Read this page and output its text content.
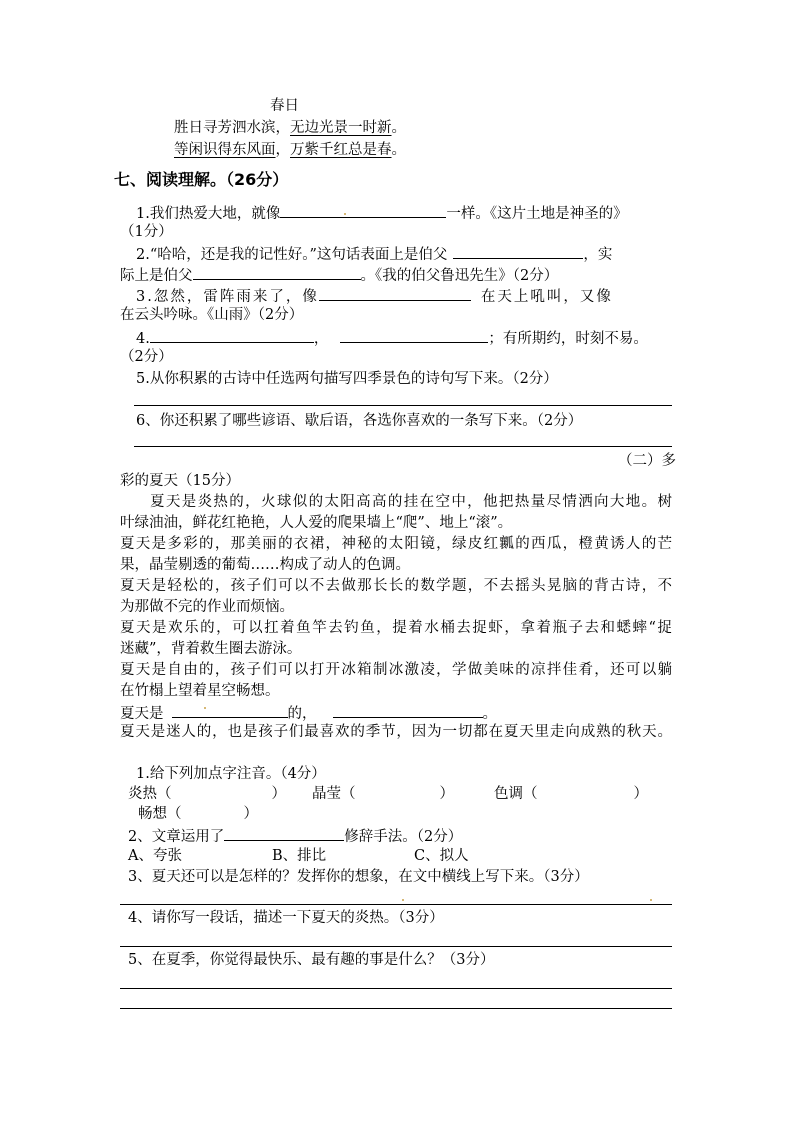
春日
胜日寻芳泗水滨，无边光景一时新。
等闲识得东风面，万紫千红总是春。
七、阅读理解。（26分）
1.我们热爱大地，就像	一样。《这片土地是神圣的》
（1分）
2.“哈哈，还是我的记性好。”这句话表面上是伯父	，实
际上是伯父	。《我的伯父鲁迅先生》（2分）
3.忽然，雷阵雨来了，像	在天上吼叫，又像
在云头吟咏。《山雨》（2分）
4.	，	；有所期约，时刻不易。
（2分）
5.从你积累的古诗中任选两句描写四季景色的诗句写下来。（2分）
6、你还积累了哪些谚语、歇后语，各选你喜欢的一条写下来。（2分）
（二）多
彩的夏天（15分）
夏天是炎热的，火球似的太阳高高的挂在空中，他把热量尽情洒向大地。树
叶绿油油，鲜花红艳艳，人人爱的爬果墙上“爬”、地上“滚”。
夏天是多彩的，那美丽的衣裙，神秘的太阳镜，绿皮红瓤的西瓜，橙黄诱人的芒
果，晶莹剔透的葡萄……构成了动人的色调。
夏天是轻松的，孩子们可以不去做那长长的数学题，不去摇头晃脑的背古诗，不
为那做不完的作业而烦恼。
夏天是欢乐的，可以扛着鱼竿去钓鱼，提着水桶去捉虾，拿着瓶子去和蟋蟀“捉
迷藏”，背着救生圈去游泳。
夏天是自由的，孩子们可以打开冰箱制冰激凌，学做美味的凉拌佳肴，还可以躺
在竹榻上望着星空畅想。
夏天是	的，	。
夏天是迷人的，也是孩子们最喜欢的季节，因为一切都在夏天里走向成熟的秋天。
1.给下列加点字注音。（4分）
炎热（	） 晶莹（	）	色调（	）
畅想（	）
2、文章运用了	修辞手法。（2分）
A、夸张	B、排比	C、拟人
3、夏天还可以是怎样的？发挥你的想象，在文中横线上写下来。（3分）
4、请你写一段话，描述一下夏天的炎热。（3分）
5、在夏季，你觉得最快乐、最有趣的事是什么？（3分）
